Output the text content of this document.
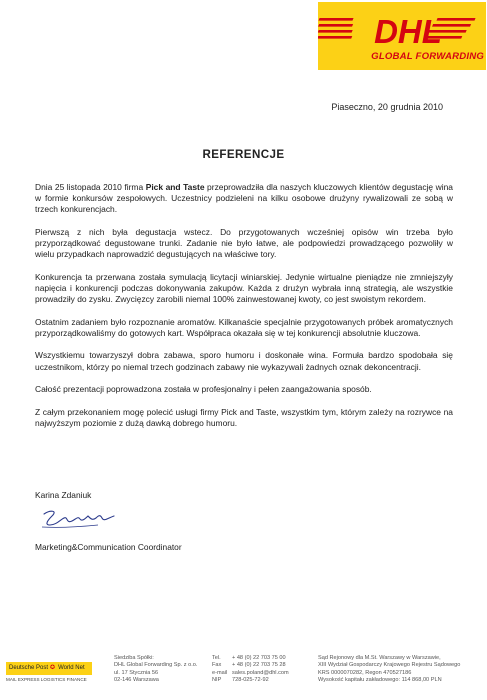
DHL
GLOBAL FORWARDING
Piaseczno, 20 grudnia 2010
REFERENCJE

Dnia 25 listopada 2010 firma Pick and Taste przeprowadziła dla naszych kluczowych klientów degustację wina w formie konkursów zespołowych. Uczestnicy podzieleni na kilku osobowe drużyny rywalizowali ze sobą w trzech konkurencjach.

Pierwszą z nich była degustacja wstecz. Do przygotowanych wcześniej opisów win trzeba było przyporządkować degustowane trunki. Zadanie nie było łatwe, ale podpowiedzi prowadzącego pozwoliły w wielu przypadkach naprowadzić degustujących na właściwe tory.

Konkurencja ta przerwana została symulacją licytacji winiarskiej. Jedynie wirtualne pieniądze nie zmniejszyły napięcia i konkurencji podczas dokonywania zakupów. Każda z drużyn wybrała inną strategią, ale wszystkie prowadziły do zysku. Zwycięzcy zarobili niemal 100% zainwestowanej kwoty, co jest swoistym rekordem.

Ostatnim zadaniem było rozpoznanie aromatów. Kilkanaście specjalnie przygotowanych próbek aromatycznych przyporządkowaliśmy do gotowych kart. Współpraca okazała się w tej konkurencji absolutnie kluczowa.

Wszystkiemu towarzyszył dobra zabawa, sporo humoru i doskonałe wina. Formuła bardzo spodobała się uczestnikom, którzy po niemal trzech godzinach zabawy nie wykazywali żadnych oznak dekoncentracji.

Całość prezentacji poprowadzona została w profesjonalny i pełen zaangażowania sposób.

Z całym przekonaniem mogę polecić usługi firmy Pick and Taste, wszystkim tym, którym zależy na rozrywce na najwyższym poziomie z dużą dawką dobrego humoru.

Karina Zdaniuk
Marketing&Communication Coordinator
Deutsche Post ✪ World Net
MAIL EXPRESS LOGISTICS FINANCE
Siedziba Spółki:
DHL Global Forwarding Sp. z o.o.
ul. 17 Stycznia 56
02-146 Warszawa
Tel.
Fax
e-mail
NIP
+ 48 (0) 22 703 75 00
+ 48 (0) 22 703 75 28
sales.poland@dhl.com
728-025-72-92
Sąd Rejonowy dla M.St. Warszawy w Warszawie,
XIII Wydział Gospodarczy Krajowego Rejestru Sądowego
KRS 0000070282, Regon 470527186
Wysokość kapitału zakładowego: 114 868,00 PLN
